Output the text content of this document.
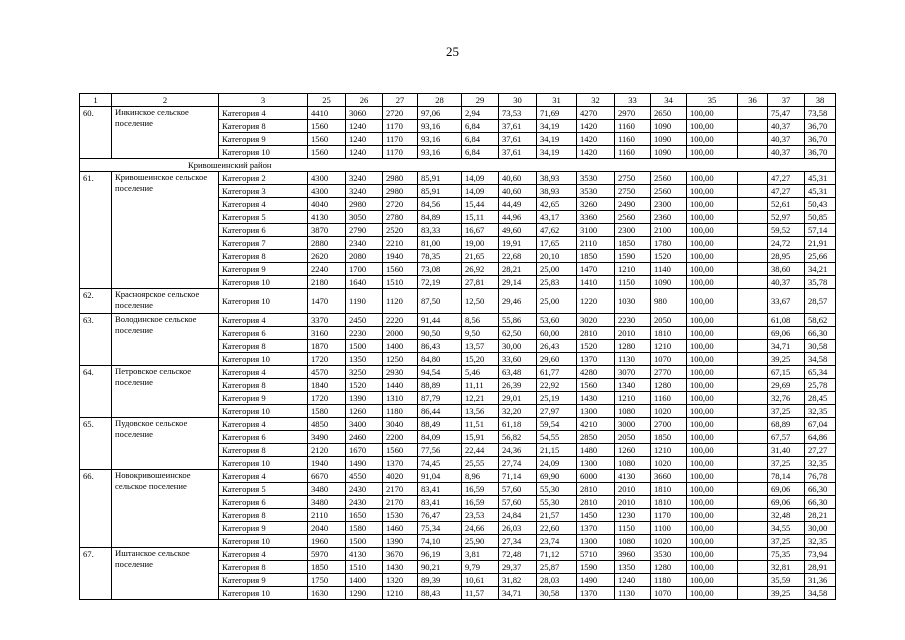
25
1	2	3	25	26	27	28	29	30	31	32	33	34	35	36	37	38
60.	Инкинское сельское поселение	Категория 4	4410	3060	2720	97,06	2,94	73,53	71,69	4270	2970	2650	100,00		75,47	73,58
		Категория 8	1560	1240	1170	93,16	6,84	37,61	34,19	1420	1160	1090	100,00		40,37	36,70
		Категория 9	1560	1240	1170	93,16	6,84	37,61	34,19	1420	1160	1090	100,00		40,37	36,70
		Категория 10	1560	1240	1170	93,16	6,84	37,61	34,19	1420	1160	1090	100,00		40,37	36,70
Кривошеинский район																
61.	Кривошеинское сельское поселение	Категория 2	4300	3240	2980	85,91	14,09	40,60	38,93	3530	2750	2560	100,00		47,27	45,31
		Категория 3	4300	3240	2980	85,91	14,09	40,60	38,93	3530	2750	2560	100,00		47,27	45,31
		Категория 4	4040	2980	2720	84,56	15,44	44,49	42,65	3260	2490	2300	100,00		52,61	50,43
		Категория 5	4130	3050	2780	84,89	15,11	44,96	43,17	3360	2560	2360	100,00		52,97	50,85
		Категория 6	3870	2790	2520	83,33	16,67	49,60	47,62	3100	2300	2100	100,00		59,52	57,14
		Категория 7	2880	2340	2210	81,00	19,00	19,91	17,65	2110	1850	1780	100,00		24,72	21,91
		Категория 8	2620	2080	1940	78,35	21,65	22,68	20,10	1850	1590	1520	100,00		28,95	25,66
		Категория 9	2240	1700	1560	73,08	26,92	28,21	25,00	1470	1210	1140	100,00		38,60	34,21
		Категория 10	2180	1640	1510	72,19	27,81	29,14	25,83	1410	1150	1090	100,00		40,37	35,78
62.	Красноярское сельское поселение	Категория 10	1470	1190	1120	87,50	12,50	29,46	25,00	1220	1030	980	100,00		33,67	28,57
63.	Володинское сельское поселение	Категория 4	3370	2450	2220	91,44	8,56	55,86	53,60	3020	2230	2050	100,00		61,08	58,62
		Категория 6	3160	2230	2000	90,50	9,50	62,50	60,00	2810	2010	1810	100,00		69,06	66,30
		Категория 8	1870	1500	1400	86,43	13,57	30,00	26,43	1520	1280	1210	100,00		34,71	30,58
		Категория 10	1720	1350	1250	84,80	15,20	33,60	29,60	1370	1130	1070	100,00		39,25	34,58
64.	Петровское сельское поселение	Категория 4	4570	3250	2930	94,54	5,46	63,48	61,77	4280	3070	2770	100,00		67,15	65,34
		Категория 8	1840	1520	1440	88,89	11,11	26,39	22,92	1560	1340	1280	100,00		29,69	25,78
		Категория 9	1720	1390	1310	87,79	12,21	29,01	25,19	1430	1210	1160	100,00		32,76	28,45
		Категория 10	1580	1260	1180	86,44	13,56	32,20	27,97	1300	1080	1020	100,00		37,25	32,35
65.	Пудовское сельское поселение	Категория 4	4850	3400	3040	88,49	11,51	61,18	59,54	4210	3000	2700	100,00		68,89	67,04
		Категория 6	3490	2460	2200	84,09	15,91	56,82	54,55	2850	2050	1850	100,00		67,57	64,86
		Категория 8	2120	1670	1560	77,56	22,44	24,36	21,15	1480	1260	1210	100,00		31,40	27,27
		Категория 10	1940	1490	1370	74,45	25,55	27,74	24,09	1300	1080	1020	100,00		37,25	32,35
66.	Новокривошеинское сельское поселение	Категория 4	6670	4550	4020	91,04	8,96	71,14	69,90	6000	4130	3660	100,00		78,14	76,78
		Категория 5	3480	2430	2170	83,41	16,59	57,60	55,30	2810	2010	1810	100,00		69,06	66,30
		Категория 6	3480	2430	2170	83,41	16,59	57,60	55,30	2810	2010	1810	100,00		69,06	66,30
		Категория 8	2110	1650	1530	76,47	23,53	24,84	21,57	1450	1230	1170	100,00		32,48	28,21
		Категория 9	2040	1580	1460	75,34	24,66	26,03	22,60	1370	1150	1100	100,00		34,55	30,00
		Категория 10	1960	1500	1390	74,10	25,90	27,34	23,74	1300	1080	1020	100,00		37,25	32,35
67.	Иштанское сельское поселение	Категория 4	5970	4130	3670	96,19	3,81	72,48	71,12	5710	3960	3530	100,00		75,35	73,94
		Категория 8	1850	1510	1430	90,21	9,79	29,37	25,87	1590	1350	1280	100,00		32,81	28,91
		Категория 9	1750	1400	1320	89,39	10,61	31,82	28,03	1490	1240	1180	100,00		35,59	31,36
		Категория 10	1630	1290	1210	88,43	11,57	34,71	30,58	1370	1130	1070	100,00		39,25	34,58
